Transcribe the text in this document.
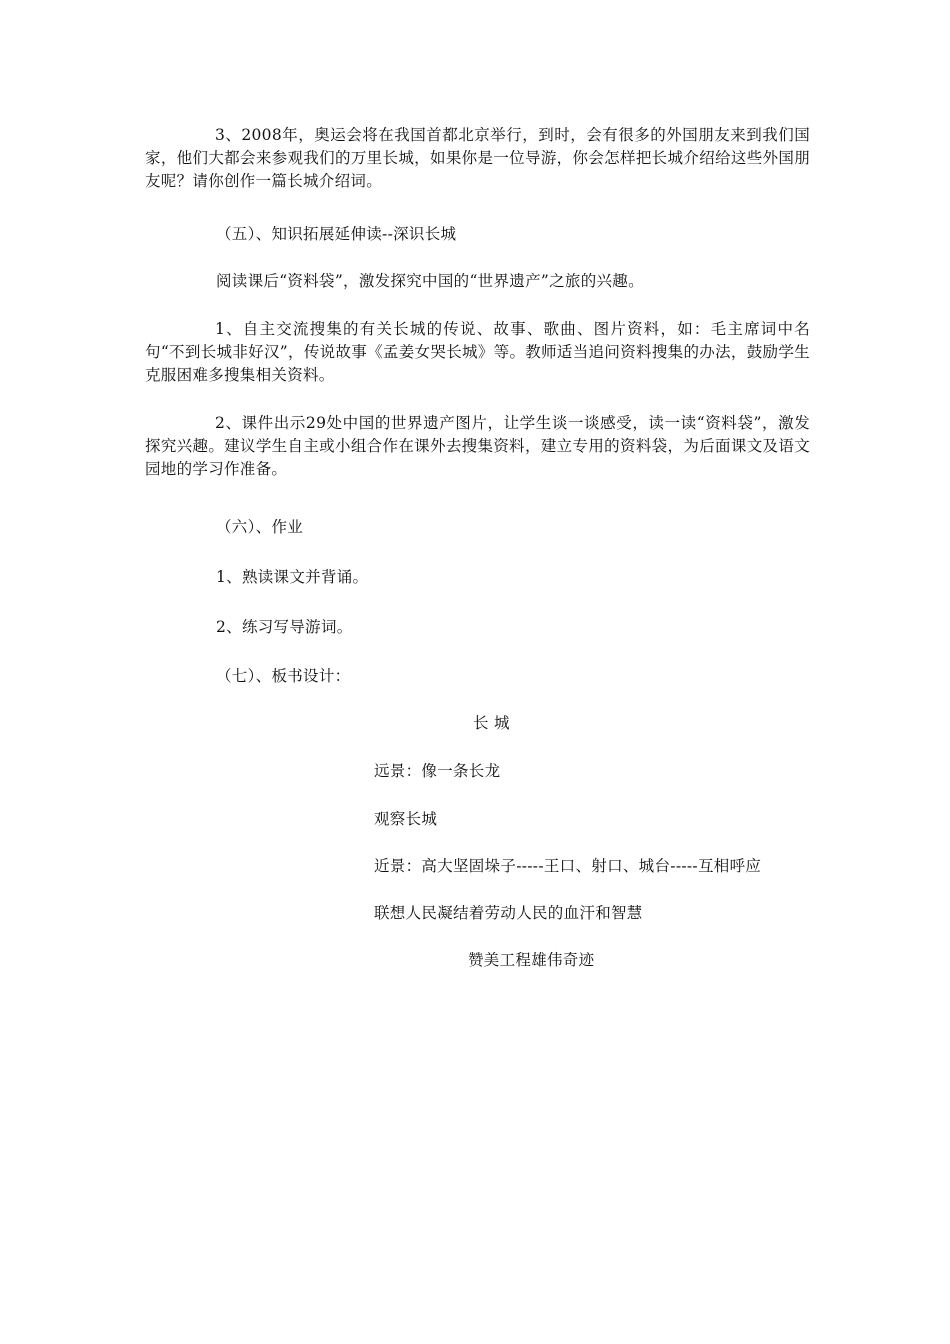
3、2008年，奥运会将在我国首都北京举行，到时，会有很多的外国朋友来到我们国家，他们大都会来参观我们的万里长城，如果你是一位导游，你会怎样把长城介绍给这些外国朋友呢？请你创作一篇长城介绍词。

（五）、知识拓展延伸读--深识长城

阅读课后“资料袋”，激发探究中国的“世界遗产”之旅的兴趣。

1、自主交流搜集的有关长城的传说、故事、歌曲、图片资料，如：毛主席词中名句“不到长城非好汉”，传说故事《孟姜女哭长城》等。教师适当追问资料搜集的办法，鼓励学生克服困难多搜集相关资料。

2、课件出示29处中国的世界遗产图片，让学生谈一谈感受，读一读“资料袋”，激发探究兴趣。建议学生自主或小组合作在课外去搜集资料，建立专用的资料袋，为后面课文及语文园地的学习作准备。

（六）、作业

1、熟读课文并背诵。

2、练习写导游词。

（七）、板书设计：

长 城

远景：像一条长龙

观察长城

近景：高大坚固垛子-----王口、射口、城台-----互相呼应

联想人民凝结着劳动人民的血汗和智慧

赞美工程雄伟奇迹
